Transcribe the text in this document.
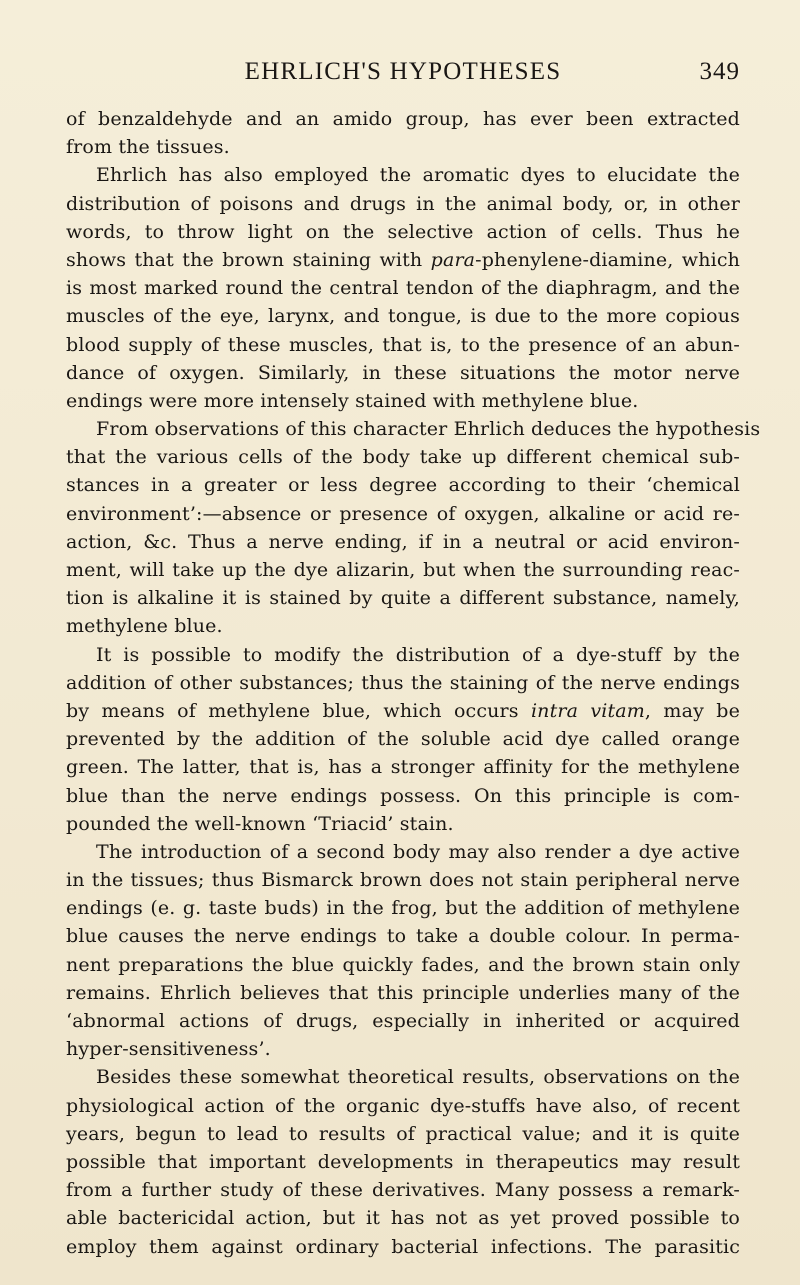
EHRLICH'S HYPOTHESES	349
of benzaldehyde and an amido group, has ever been extracted
from the tissues.
Ehrlich has also employed the aromatic dyes to elucidate the
distribution of poisons and drugs in the animal body, or, in other
words, to throw light on the selective action of cells. Thus he
shows that the brown staining with para-phenylene-diamine, which
is most marked round the central tendon of the diaphragm, and the
muscles of the eye, larynx, and tongue, is due to the more copious
blood supply of these muscles, that is, to the presence of an abun-
dance of oxygen. Similarly, in these situations the motor nerve
endings were more intensely stained with methylene blue.
From observations of this character Ehrlich deduces the hypothesis
that the various cells of the body take up different chemical sub-
stances in a greater or less degree according to their ‘chemical
environment’:—absence or presence of oxygen, alkaline or acid re-
action, &c. Thus a nerve ending, if in a neutral or acid environ-
ment, will take up the dye alizarin, but when the surrounding reac-
tion is alkaline it is stained by quite a different substance, namely,
methylene blue.
It is possible to modify the distribution of a dye-stuff by the
addition of other substances; thus the staining of the nerve endings
by means of methylene blue, which occurs intra vitam, may be
prevented by the addition of the soluble acid dye called orange
green. The latter, that is, has a stronger affinity for the methylene
blue than the nerve endings possess. On this principle is com-
pounded the well-known ‘Triacid’ stain.
The introduction of a second body may also render a dye active
in the tissues; thus Bismarck brown does not stain peripheral nerve
endings (e. g. taste buds) in the frog, but the addition of methylene
blue causes the nerve endings to take a double colour. In perma-
nent preparations the blue quickly fades, and the brown stain only
remains. Ehrlich believes that this principle underlies many of the
‘abnormal actions of drugs, especially in inherited or acquired
hyper-sensitiveness’.
Besides these somewhat theoretical results, observations on the
physiological action of the organic dye-stuffs have also, of recent
years, begun to lead to results of practical value; and it is quite
possible that important developments in therapeutics may result
from a further study of these derivatives. Many possess a remark-
able bactericidal action, but it has not as yet proved possible to
employ them against ordinary bacterial infections. The parasitic
